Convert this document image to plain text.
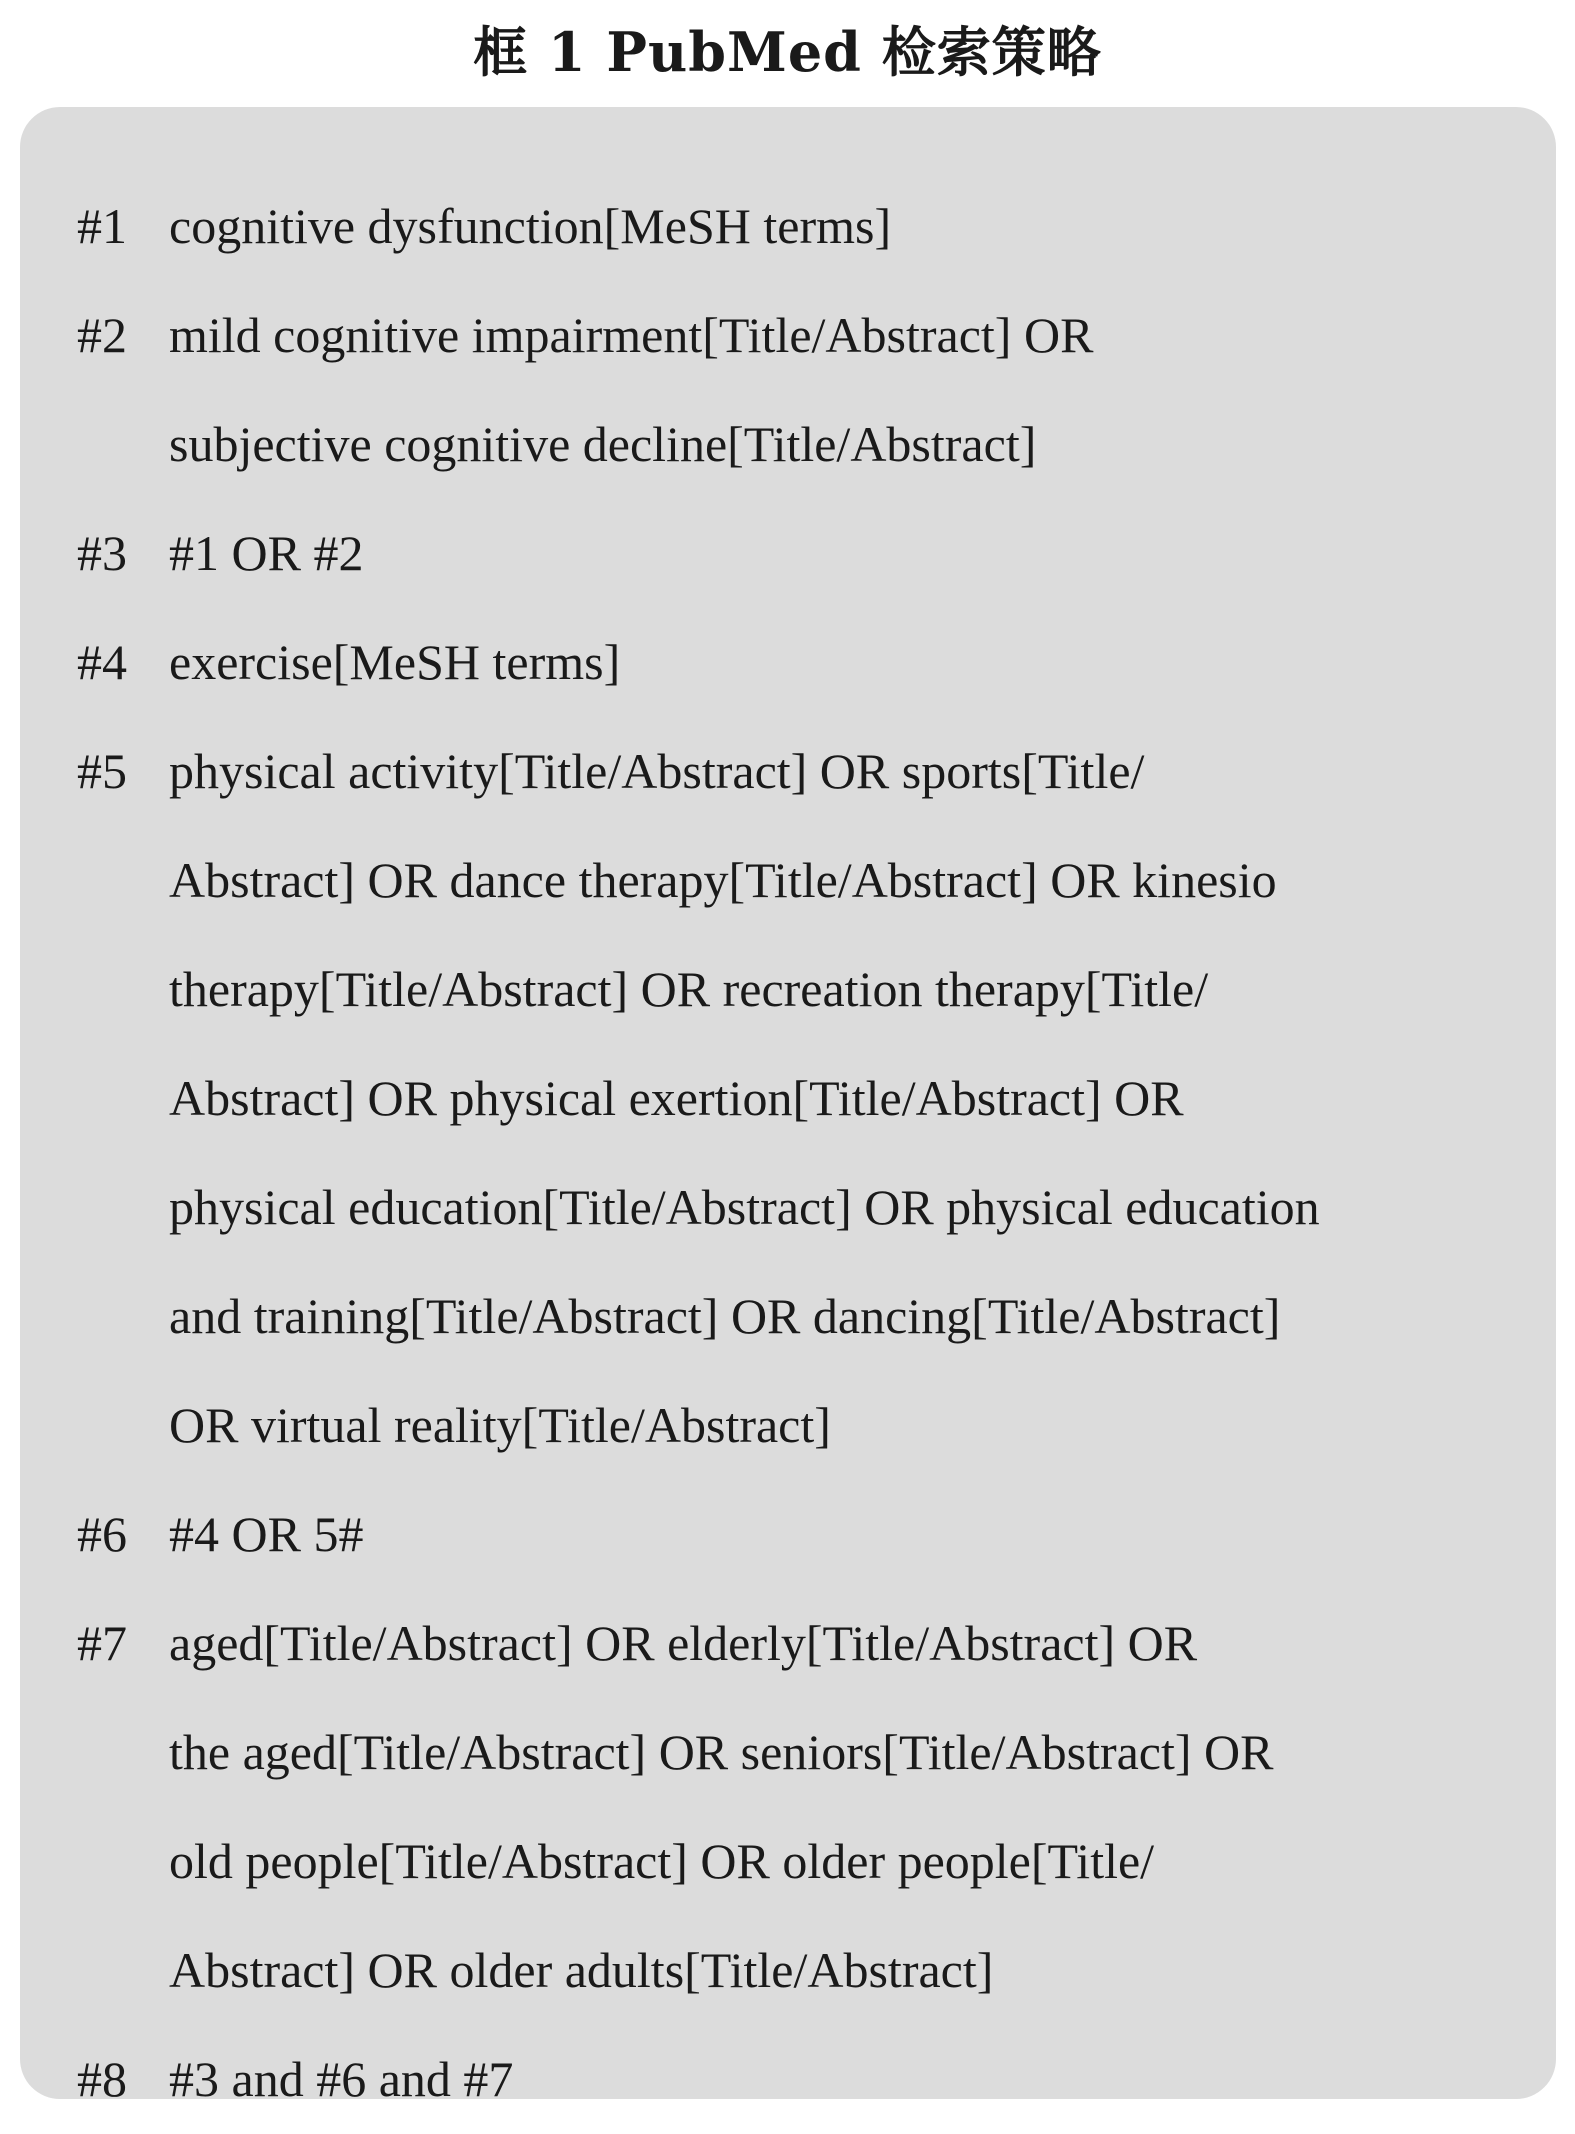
框 1 PubMed 检索策略
#1 cognitive dysfunction[MeSH terms]
#2 mild cognitive impairment[Title/Abstract] OR
subjective cognitive decline[Title/Abstract]
#3 #1 OR #2
#4 exercise[MeSH terms]
#5 physical activity[Title/Abstract] OR sports[Title/
Abstract] OR dance therapy[Title/Abstract] OR kinesio
therapy[Title/Abstract] OR recreation therapy[Title/
Abstract] OR physical exertion[Title/Abstract] OR
physical education[Title/Abstract] OR physical education
and training[Title/Abstract] OR dancing[Title/Abstract]
OR virtual reality[Title/Abstract]
#6 #4 OR 5#
#7 aged[Title/Abstract] OR elderly[Title/Abstract] OR
the aged[Title/Abstract] OR seniors[Title/Abstract] OR
old people[Title/Abstract] OR older people[Title/
Abstract] OR older adults[Title/Abstract]
#8 #3 and #6 and #7
